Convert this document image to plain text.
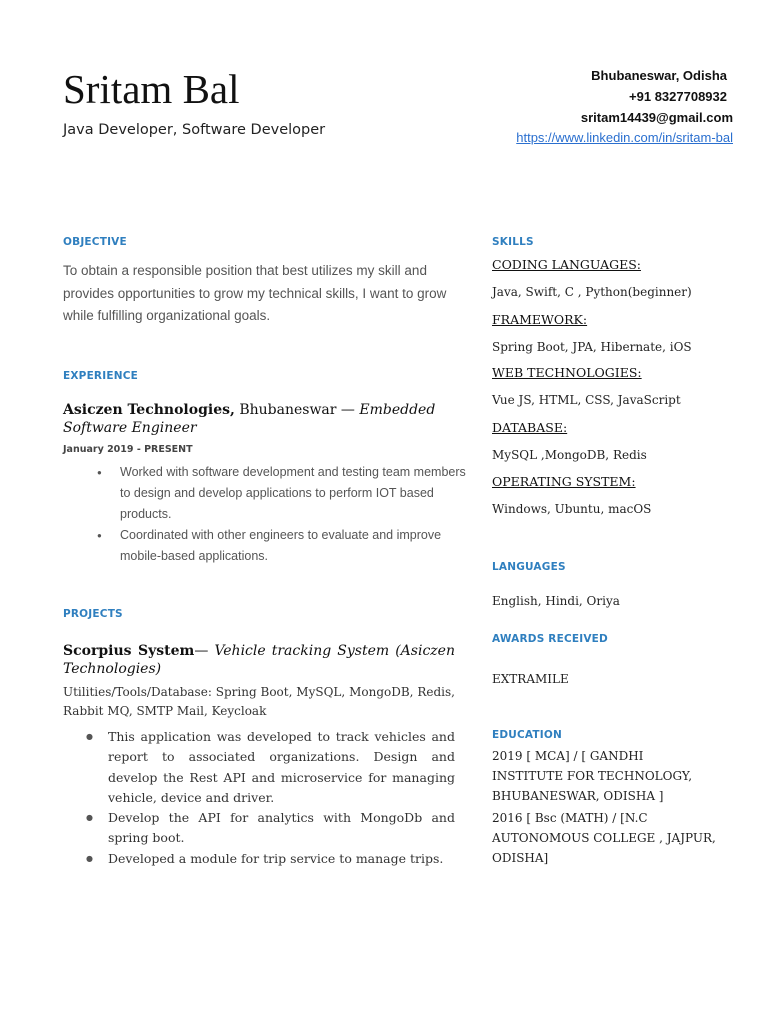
Sritam Bal
Java Developer, Software Developer
Bhubaneswar, Odisha
+91 8327708932
sritam14439@gmail.com
https://www.linkedin.com/in/sritam-bal
OBJECTIVE
To obtain a responsible position that best utilizes my skill and provides opportunities to grow my technical skills, I want to grow while fulfilling organizational goals.
EXPERIENCE
Asiczen Technologies, Bhubaneswar — Embedded Software Engineer
January 2019 - PRESENT
● Worked with software development and testing team members to design and develop applications to perform IOT based products.
● Coordinated with other engineers to evaluate and improve mobile-based applications.
PROJECTS
Scorpius System— Vehicle tracking System (Asiczen Technologies)
Utilities/Tools/Database: Spring Boot, MySQL, MongoDB, Redis, Rabbit MQ, SMTP Mail, Keycloak
● This application was developed to track vehicles and report to associated organizations. Design and develop the Rest API and microservice for managing vehicle, device and driver.
● Develop the API for analytics with MongoDb and spring boot.
● Developed a module for trip service to manage trips.
SKILLS
CODING LANGUAGES:
Java, Swift, C , Python(beginner)
FRAMEWORK:
Spring Boot, JPA, Hibernate, iOS
WEB TECHNOLOGIES:
Vue JS, HTML, CSS, JavaScript
DATABASE:
MySQL ,MongoDB, Redis
OPERATING SYSTEM:
Windows, Ubuntu, macOS
LANGUAGES
English, Hindi, Oriya
AWARDS RECEIVED
EXTRAMILE
EDUCATION
2019 [ MCA] / [ GANDHI INSTITUTE FOR TECHNOLOGY, BHUBANESWAR, ODISHA ]
2016 [ Bsc (MATH) / [N.C AUTONOMOUS COLLEGE , JAJPUR, ODISHA]
